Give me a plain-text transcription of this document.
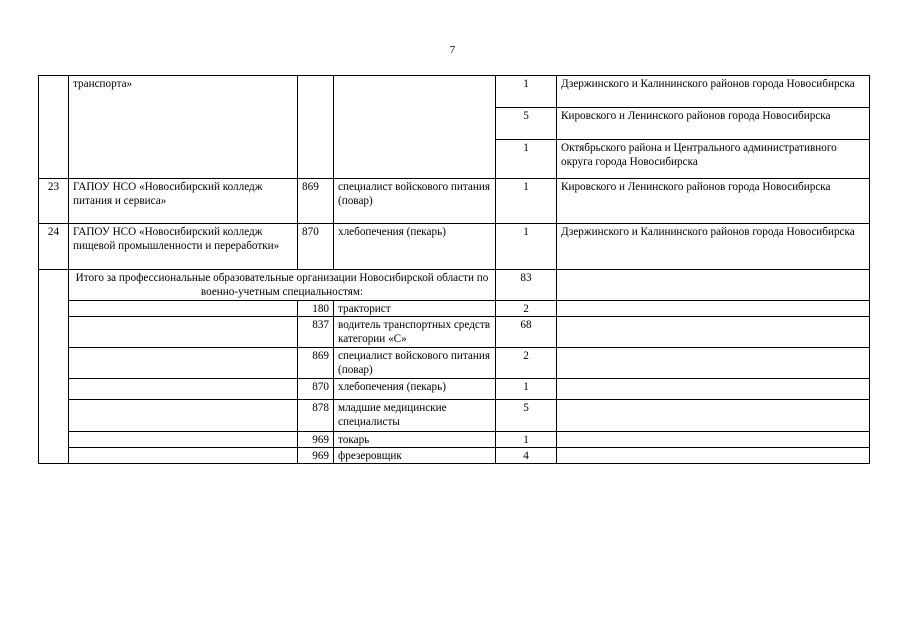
7
	транспорта»			1	Дзержинского и Калининского районов города Новосибирска
				5	Кировского и Ленинского районов города Новосибирска
				1	Октябрьского района и Центрального административного округа города Новосибирска
23	ГАПОУ НСО «Новосибирский колледж питания и сервиса»	869	специалист войскового питания (повар)	1	Кировского и Ленинского районов города Новосибирска
24	ГАПОУ НСО «Новосибирский колледж пищевой промышленности и переработки»	870	хлебопечения (пекарь)	1	Дзержинского и Калининского районов города Новосибирска
	Итого за профессиональные образовательные организации Новосибирской области по военно-учетным специальностям:			83	
		180	тракторист	2	
		837	водитель транспортных средств категории «С»	68	
		869	специалист войскового питания (повар)	2	
		870	хлебопечения (пекарь)	1	
		878	младшие медицинские специалисты	5	
		969	токарь	1	
		969	фрезеровщик	4	
